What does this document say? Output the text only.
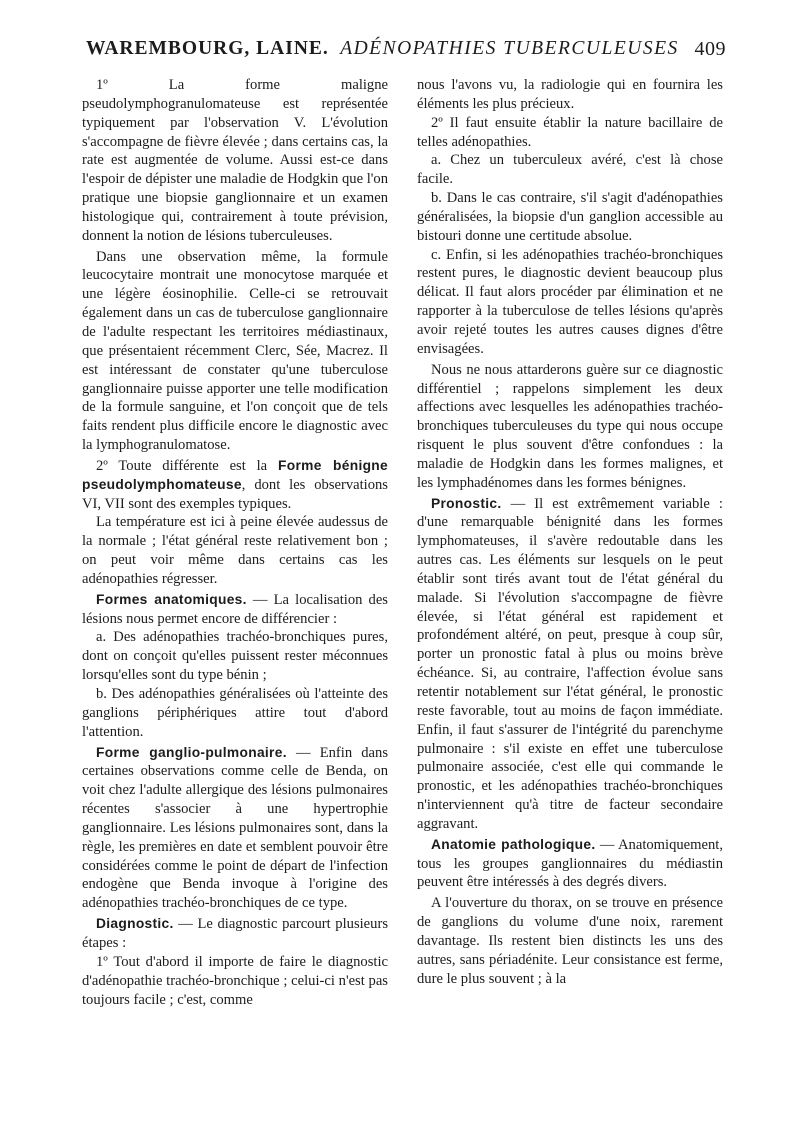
WAREMBOURG, LAINE. ADÉNOPATHIES TUBERCULEUSES 409

1º La forme maligne pseudolymphogranulomateuse est représentée typiquement par l'observation V. L'évolution s'accompagne de fièvre élevée ; dans certains cas, la rate est augmentée de volume. Aussi est-ce dans l'espoir de dépister une maladie de Hodgkin que l'on pratique une biopsie ganglionnaire et un examen histologique qui, contrairement à toute prévision, donnent la notion de lésions tuberculeuses.

Dans une observation même, la formule leucocytaire montrait une monocytose marquée et une légère éosinophilie. Celle-ci se retrouvait également dans un cas de tuberculose ganglionnaire de l'adulte respectant les territoires médiastinaux, que présentaient récemment Clerc, Sée, Macrez. Il est intéressant de constater qu'une tuberculose ganglionnaire puisse apporter une telle modification de la formule sanguine, et l'on conçoit que de tels faits rendent plus difficile encore le diagnostic avec la lymphogranulomatose.

2º Toute différente est la Forme bénigne pseudolymphomateuse, dont les observations VI, VII sont des exemples typiques.

La température est ici à peine élevée audessus de la normale ; l'état général reste relativement bon ; on peut voir même dans certains cas les adénopathies régresser.

Formes anatomiques. — La localisation des lésions nous permet encore de différencier :

a. Des adénopathies trachéo-bronchiques pures, dont on conçoit qu'elles puissent rester méconnues lorsqu'elles sont du type bénin ;

b. Des adénopathies généralisées où l'atteinte des ganglions périphériques attire tout d'abord l'attention.

Forme ganglio-pulmonaire. — Enfin dans certaines observations comme celle de Benda, on voit chez l'adulte allergique des lésions pulmonaires récentes s'associer à une hypertrophie ganglionnaire. Les lésions pulmonaires sont, dans la règle, les premières en date et semblent pouvoir être considérées comme le point de départ de l'infection endogène que Benda invoque à l'origine des adénopathies trachéo-bronchiques de ce type.

Diagnostic. — Le diagnostic parcourt plusieurs étapes :

1º Tout d'abord il importe de faire le diagnostic d'adénopathie trachéo-bronchique ; celui-ci n'est pas toujours facile ; c'est, comme

nous l'avons vu, la radiologie qui en fournira les éléments les plus précieux.

2º Il faut ensuite établir la nature bacillaire de telles adénopathies.

a. Chez un tuberculeux avéré, c'est là chose facile.

b. Dans le cas contraire, s'il s'agit d'adénopathies généralisées, la biopsie d'un ganglion accessible au bistouri donne une certitude absolue.

c. Enfin, si les adénopathies trachéo-bronchiques restent pures, le diagnostic devient beaucoup plus délicat. Il faut alors procéder par élimination et ne rapporter à la tuberculose de telles lésions qu'après avoir rejeté toutes les autres causes dignes d'être envisagées.

Nous ne nous attarderons guère sur ce diagnostic différentiel ; rappelons simplement les deux affections avec lesquelles les adénopathies trachéo-bronchiques tuberculeuses du type qui nous occupe risquent le plus souvent d'être confondues : la maladie de Hodgkin dans les formes malignes, et les lymphadénomes dans les formes bénignes.

Pronostic. — Il est extrêmement variable : d'une remarquable bénignité dans les formes lymphomateuses, il s'avère redoutable dans les autres cas. Les éléments sur lesquels on le peut établir sont tirés avant tout de l'état général du malade. Si l'évolution s'accompagne de fièvre élevée, si l'état général est rapidement et profondément altéré, on peut, presque à coup sûr, porter un pronostic fatal à plus ou moins brève échéance. Si, au contraire, l'affection évolue sans retentir notablement sur l'état général, le pronostic reste favorable, tout au moins de façon immédiate. Enfin, il faut s'assurer de l'intégrité du parenchyme pulmonaire : s'il existe en effet une tuberculose pulmonaire associée, c'est elle qui commande le pronostic, et les adénopathies trachéo-bronchiques n'interviennent qu'à titre de facteur secondaire aggravant.

Anatomie pathologique. — Anatomiquement, tous les groupes ganglionnaires du médiastin peuvent être intéressés à des degrés divers.

A l'ouverture du thorax, on se trouve en présence de ganglions du volume d'une noix, rarement davantage. Ils restent bien distincts les uns des autres, sans périadénite. Leur consistance est ferme, dure le plus souvent ; à la
